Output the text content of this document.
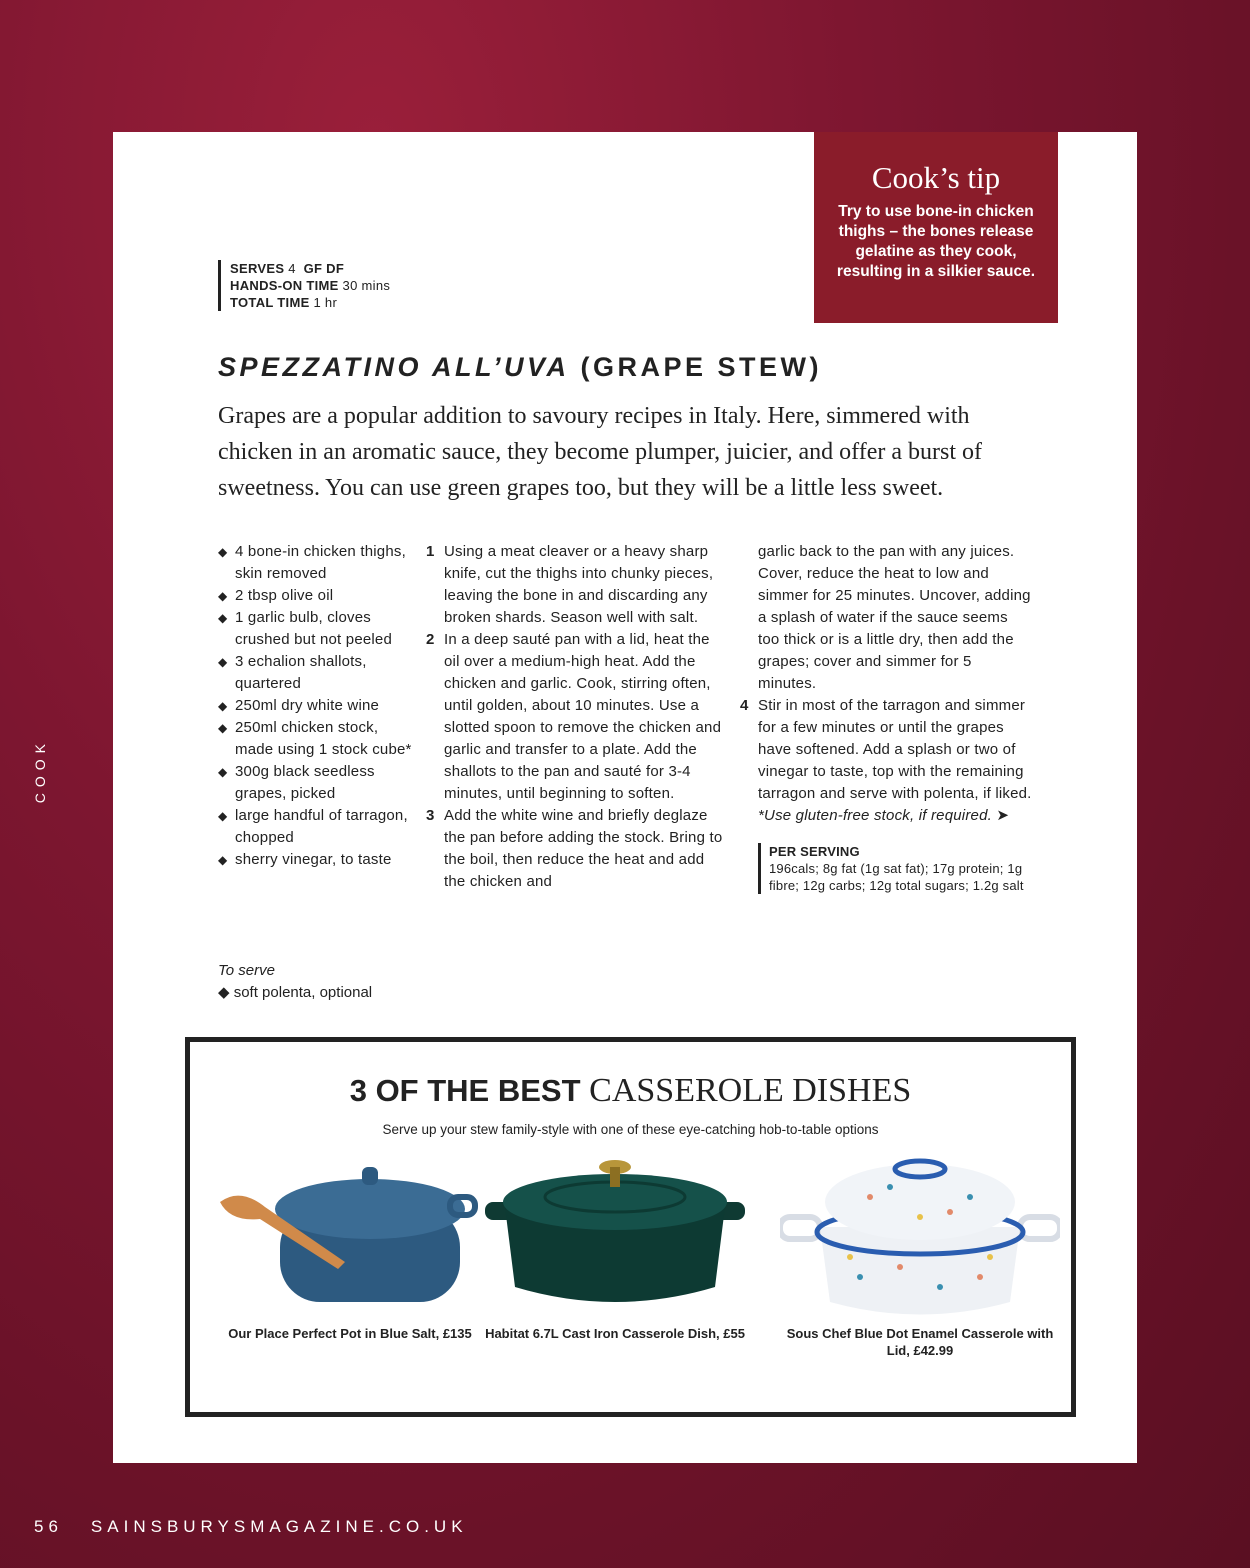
COOK
Cook’s tip

Try to use bone-in chicken thighs – the bones release gelatine as they cook, resulting in a silkier sauce.

SERVES 4 GF DF
HANDS-ON TIME 30 mins
TOTAL TIME 1 hr
SPEZZATINO ALL’UVA (GRAPE STEW)

Grapes are a popular addition to savoury recipes in Italy. Here, simmered with chicken in an aromatic sauce, they become plumper, juicier, and offer a burst of sweetness. You can use green grapes too, but they will be a little less sweet.

◆ 4 bone-in chicken thighs, skin removed
◆ 2 tbsp olive oil
◆ 1 garlic bulb, cloves crushed but not peeled
◆ 3 echalion shallots, quartered
◆ 250ml dry white wine
◆ 250ml chicken stock, made using 1 stock cube*
◆ 300g black seedless grapes, picked
◆ large handful of tarragon, chopped
◆ sherry vinegar, to taste
To serve
◆ soft polenta, optional
1 Using a meat cleaver or a heavy sharp knife, cut the thighs into chunky pieces, leaving the bone in and discarding any broken shards. Season well with salt.
2 In a deep sauté pan with a lid, heat the oil over a medium-high heat. Add the chicken and garlic. Cook, stirring often, until golden, about 10 minutes. Use a slotted spoon to remove the chicken and garlic and transfer to a plate. Add the shallots to the pan and sauté for 3-4 minutes, until beginning to soften.
3 Add the white wine and briefly deglaze the pan before adding the stock. Bring to the boil, then reduce the heat and add the chicken and
garlic back to the pan with any juices. Cover, reduce the heat to low and simmer for 25 minutes. Uncover, adding a splash of water if the sauce seems too thick or is a little dry, then add the grapes; cover and simmer for 5 minutes.
4 Stir in most of the tarragon and simmer for a few minutes or until the grapes have softened. Add a splash or two of vinegar to taste, top with the remaining tarragon and serve with polenta, if liked.
*Use gluten-free stock, if required. ➤
PER SERVING
196cals; 8g fat (1g sat fat); 17g protein; 1g fibre; 12g carbs; 12g total sugars; 1.2g salt
3 OF THE BEST CASSEROLE DISHES
Serve up your stew family-style with one of these eye-catching hob-to-table options
Our Place Perfect Pot in Blue Salt, £135	Habitat 6.7L Cast Iron Casserole Dish, £55	Sous Chef Blue Dot Enamel Casserole with Lid, £42.99
56 SAINSBURYSMAGAZINE.CO.UK
